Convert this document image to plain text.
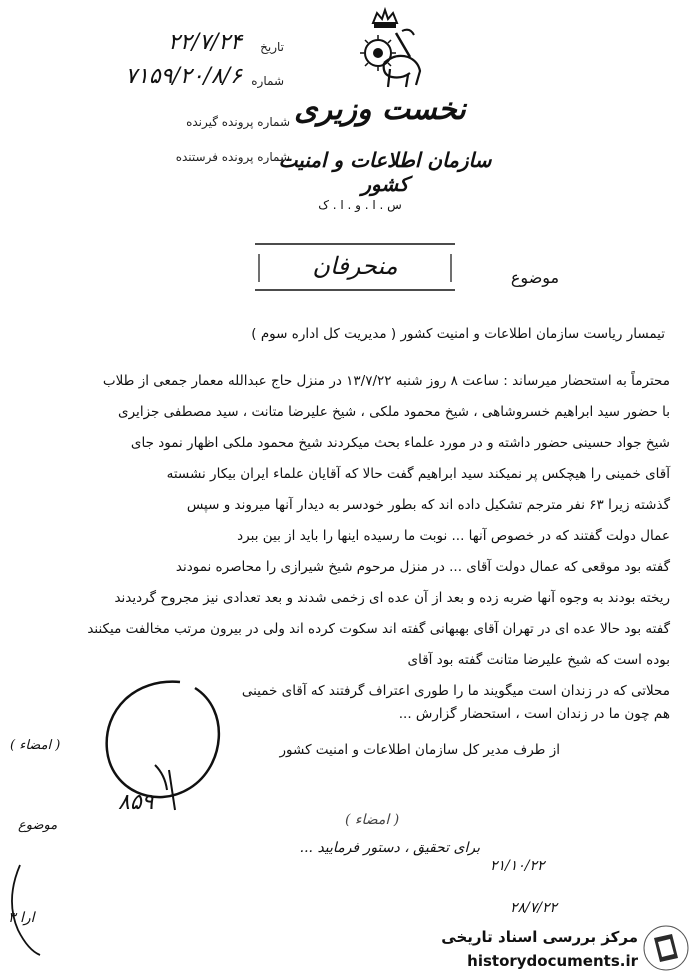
تاریخ
۲۲/۷/۲۴
شماره
۷۱۵۹/۲۰/۸/۶
شماره پرونده گیرنده
شماره پرونده فرستنده
نخست وزیری
سازمان اطلاعات و امنیت کشور
س . ا . و . ا . ک
منحرفان	موضوع
تیمسار ریاست سازمان اطلاعات و امنیت کشور ( مدیریت کل اداره سوم )
محترماً به استحضار میرساند : ساعت ۸ روز شنبه ۱۳/۷/۲۲ در منزل حاج عبدالله معمار جمعی از طلاب
با حضور سید ابراهیم خسروشاهی ، شیخ محمود ملکی ، شیخ علیرضا متانت ، سید مصطفی جزایری
شیخ جواد حسینی حضور داشته و در مورد علماء بحث میکردند شیخ محمود ملکی اظهار نمود جای
آقای خمینی را هیچکس پر نمیکند سید ابراهیم گفت حالا که آقایان علماء ایران بیکار نشسته
گذشته زیرا ۶۳ نفر مترجم تشکیل داده اند که بطور خودسر به دیدار آنها میروند و سپس
عمال دولت گفتند که در خصوص آنها ... نوبت ما رسیده اینها را باید از بین ببرد
گفته بود موقعی که عمال دولت آقای ... در منزل مرحوم شیخ شیرازی را محاصره نمودند
ریخته بودند به وجوه آنها ضربه زده و بعد از آن عده ای زخمی شدند و بعد تعدادی نیز مجروح گردیدند
گفته بود حالا عده ای در تهران آقای بهبهانی گفته اند سکوت کرده اند ولی در بیرون مرتب مخالفت میکنند
بوده است که شیخ علیرضا متانت گفته بود آقای
محلاتی که در زندان است میگویند ما را طوری اعتراف گرفتند که آقای خمینی
هم چون ما در زندان است ، استحضار گزارش ...
از طرف مدیر کل سازمان اطلاعات و امنیت کشور
( امضاء )
۸۵۹
( امضاء )
برای تحقیق ، دستور فرمایید ...
موضوع
۲۱/۱۰/۲۲
۲۸/۷/۲۲
۳ ارا
مرکز بررسی اسناد تاریخی
historydocuments.ir
